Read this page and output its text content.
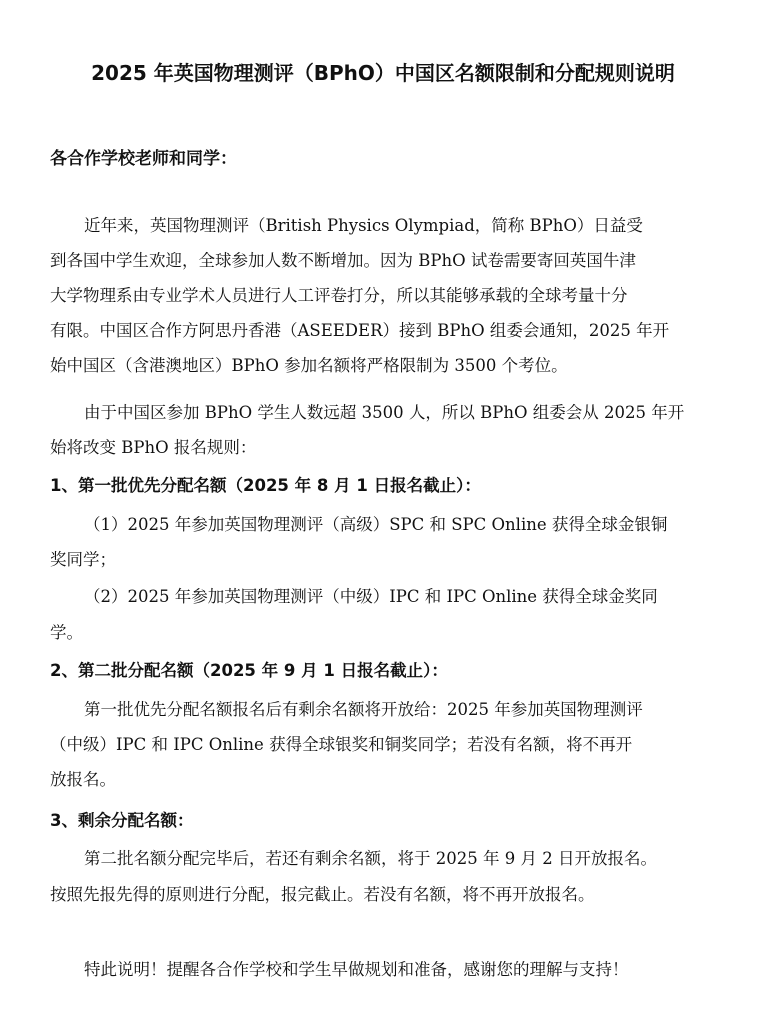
2025 年英国物理测评（BPhO）中国区名额限制和分配规则说明

各合作学校老师和同学：

近年来，英国物理测评（British Physics Olympiad，简称 BPhO）日益受

到各国中学生欢迎，全球参加人数不断增加。因为 BPhO 试卷需要寄回英国牛津

大学物理系由专业学术人员进行人工评卷打分，所以其能够承载的全球考量十分

有限。中国区合作方阿思丹香港（ASEEDER）接到 BPhO 组委会通知，2025 年开

始中国区（含港澳地区）BPhO 参加名额将严格限制为 3500 个考位。

由于中国区参加 BPhO 学生人数远超 3500 人，所以 BPhO 组委会从 2025 年开

始将改变 BPhO 报名规则：

1、第一批优先分配名额（2025 年 8 月 1 日报名截止）：

（1）2025 年参加英国物理测评（高级）SPC 和 SPC Online 获得全球金银铜

奖同学；

（2）2025 年参加英国物理测评（中级）IPC 和 IPC Online 获得全球金奖同

学。

2、第二批分配名额（2025 年 9 月 1 日报名截止）：

第一批优先分配名额报名后有剩余名额将开放给：2025 年参加英国物理测评

（中级）IPC 和 IPC Online 获得全球银奖和铜奖同学；若没有名额，将不再开

放报名。

3、剩余分配名额：

第二批名额分配完毕后，若还有剩余名额，将于 2025 年 9 月 2 日开放报名。

按照先报先得的原则进行分配，报完截止。若没有名额，将不再开放报名。

特此说明！提醒各合作学校和学生早做规划和准备，感谢您的理解与支持！
